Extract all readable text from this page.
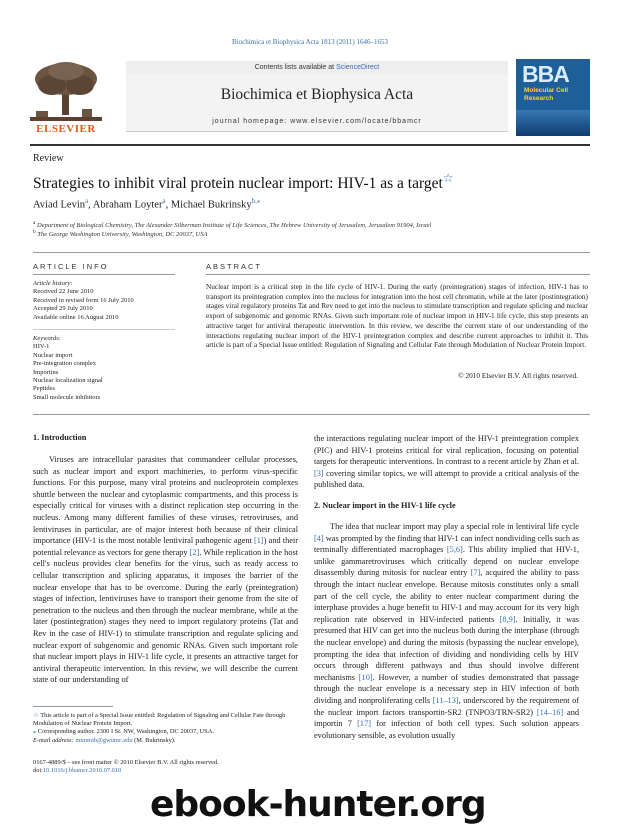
Biochimica et Biophysica Acta 1813 (2011) 1646–1653
ELSEVIER
Contents lists available at ScienceDirect
Biochimica et Biophysica Acta
journal homepage: www.elsevier.com/locate/bbamcr
BBA
Molecular Cell Research
Review
Strategies to inhibit viral protein nuclear import: HIV-1 as a target☆
Aviad Levin$^a$, Abraham Loyter$^a$, Michael Bukrinsky$^{b,⁎}$
$^a$ Department of Biological Chemistry, The Alexander Silberman Institute of Life Sciences, The Hebrew University of Jerusalem, Jerusalem 91904, Israel
$^b$ The George Washington University, Washington, DC 20037, USA
ARTICLE INFO	ABSTRACT
Article history:
Received 22 June 2010
Received in revised form 16 July 2010
Accepted 29 July 2010
Available online 16 August 2010
Keywords:
HIV-1
Nuclear import
Pre-integration complex
Importins
Nuclear localization signal
Peptides
Small molecule inhibitors
Nuclear import is a critical step in the life cycle of HIV-1. During the early (preintegration) stages of infection, HIV-1 has to transport its preintegration complex into the nucleus for integration into the host cell chromatin, while at the later (postintegration) stages viral regulatory proteins Tat and Rev need to get into the nucleus to stimulate transcription and regulate splicing and nuclear export of subgenomic and genomic RNAs. Given such important role of nuclear import in HIV-1 life cycle, this step presents an attractive target for antiviral therapeutic intervention. In this review, we describe the current state of our understanding of the interactions regulating nuclear import of the HIV-1 preintegration complex and describe current approaches to inhibit it. This article is part of a Special Issue entitled: Regulation of Signaling and Cellular Fate through Modulation of Nuclear Protein Import.
© 2010 Elsevier B.V. All rights reserved.
1. Introduction
Viruses are intracellular parasites that commandeer cellular processes, such as nuclear import and export machineries, to perform virus-specific functions. For this purpose, many viral proteins and nucleoprotein complexes shuttle between the nuclear and cytoplasmic compartments, and this process is especially critical for viruses with a distinct replication step occurring in the nucleus. Among many different families of these viruses, retroviruses, and lentiviruses in particular, are of major interest both because of their clinical importance (HIV-1 is the most notable lentiviral pathogenic agent [1]) and their potential relevance as vectors for gene therapy [2]. While replication in the host cell's nucleus provides clear benefits for the virus, such as ready access to cellular transcription and splicing apparatus, it imposes the barrier of the nuclear envelope that has to be overcome. During the early (preintegration) stages of infection, lentiviruses have to transport their genome from the site of penetration to the nucleus and then through the nuclear membrane, while at the later (postintegration) stages they need to import regulatory proteins (Tat and Rev in the case of HIV-1) to stimulate transcription and regulate splicing and nuclear export of subgenomic and genomic RNAs. Given such important role that nuclear import plays in HIV-1 life cycle, it presents an attractive target for antiviral therapeutic intervention. In this review, we will describe the current state of our understanding of
the interactions regulating nuclear import of the HIV-1 preintegration complex (PIC) and HIV-1 proteins critical for viral replication, focusing on potential targets for therapeutic interventions. In contrast to a recent article by Zhan et al. [3] covering similar topics, we will attempt to provide a critical analysis of the published data.
2. Nuclear import in the HIV-1 life cycle
The idea that nuclear import may play a special role in lentiviral life cycle [4] was prompted by the finding that HIV-1 can infect nondividing cells such as terminally differentiated macrophages [5,6]. This ability implied that HIV-1, unlike gammaretroviruses which critically depend on nuclear envelope disassembly during mitosis for nuclear entry [7], acquired the ability to pass through the intact nuclear envelope. Because mitosis constitutes only a small part of the cell cycle, the ability to enter nuclear compartment during the interphase provides a huge benefit to HIV-1 and may account for its very high replication rate observed in HIV-infected patients [8,9]. Initially, it was presumed that HIV can get into the nucleus both during the interphase (through the nuclear envelope) and during the mitosis (bypassing the nuclear envelope), prompting the idea that infection of dividing and nondividing cells by HIV occurs through different pathways and thus should involve different mechanisms [10]. However, a number of studies demonstrated that passage through the nuclear envelope is a necessary step in HIV infection of both dividing and nonproliferating cells [11–13], underscored by the requirement of the nuclear import factors transportin-SR2 (TNPO3/TRN-SR2) [14–16] and importin 7 [17] for infection of both cell types. Such solution appears evolutionary sensible, as evolution usually
☆ This article is part of a Special Issue entitled: Regulation of Signaling and Cellular Fate through Modulation of Nuclear Protein Import.
⁎ Corresponding author. 2300 I St. NW, Washington, DC 20037, USA.
E-mail address: mtmmib@gwumc.edu (M. Bukrinsky).
0167-4889/$ – see front matter © 2010 Elsevier B.V. All rights reserved.
doi:10.1016/j.bbamcr.2010.07.010
ebook-hunter.org
